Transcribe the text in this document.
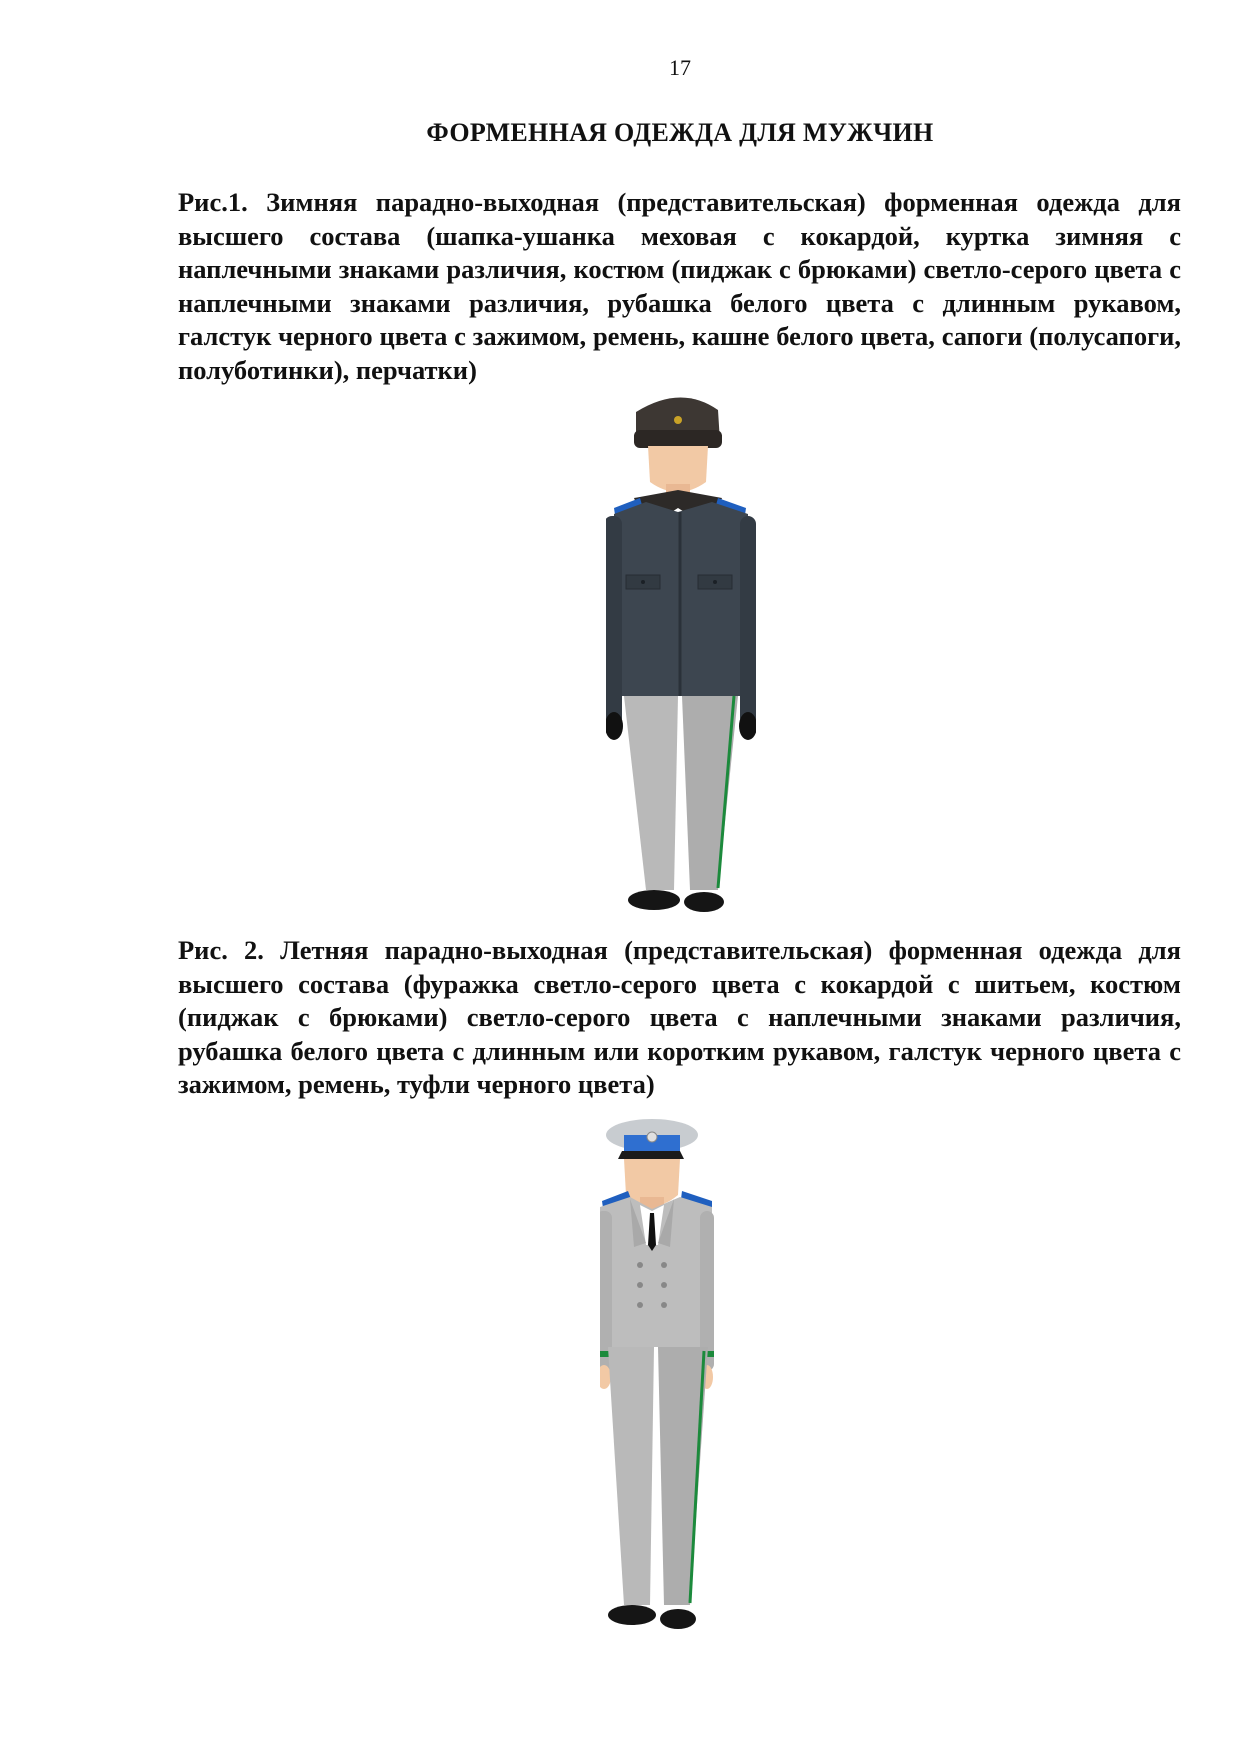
17
ФОРМЕННАЯ ОДЕЖДА ДЛЯ МУЖЧИН
Рис.1. Зимняя парадно-выходная (представительская) форменная одежда для высшего состава (шапка-ушанка меховая с кокардой, куртка зимняя с наплечными знаками различия, костюм (пиджак с брюками) светло-серого цвета с наплечными знаками различия, рубашка белого цвета с длинным рукавом, галстук черного цвета с зажимом, ремень, кашне белого цвета, сапоги (полусапоги, полуботинки), перчатки)
Рис. 2. Летняя парадно-выходная (представительская) форменная одежда для высшего состава (фуражка светло-серого цвета с кокардой с шитьем, костюм (пиджак с брюками) светло-серого цвета с наплечными знаками различия, рубашка белого цвета с длинным или коротким рукавом, галстук черного цвета с зажимом, ремень, туфли черного цвета)
